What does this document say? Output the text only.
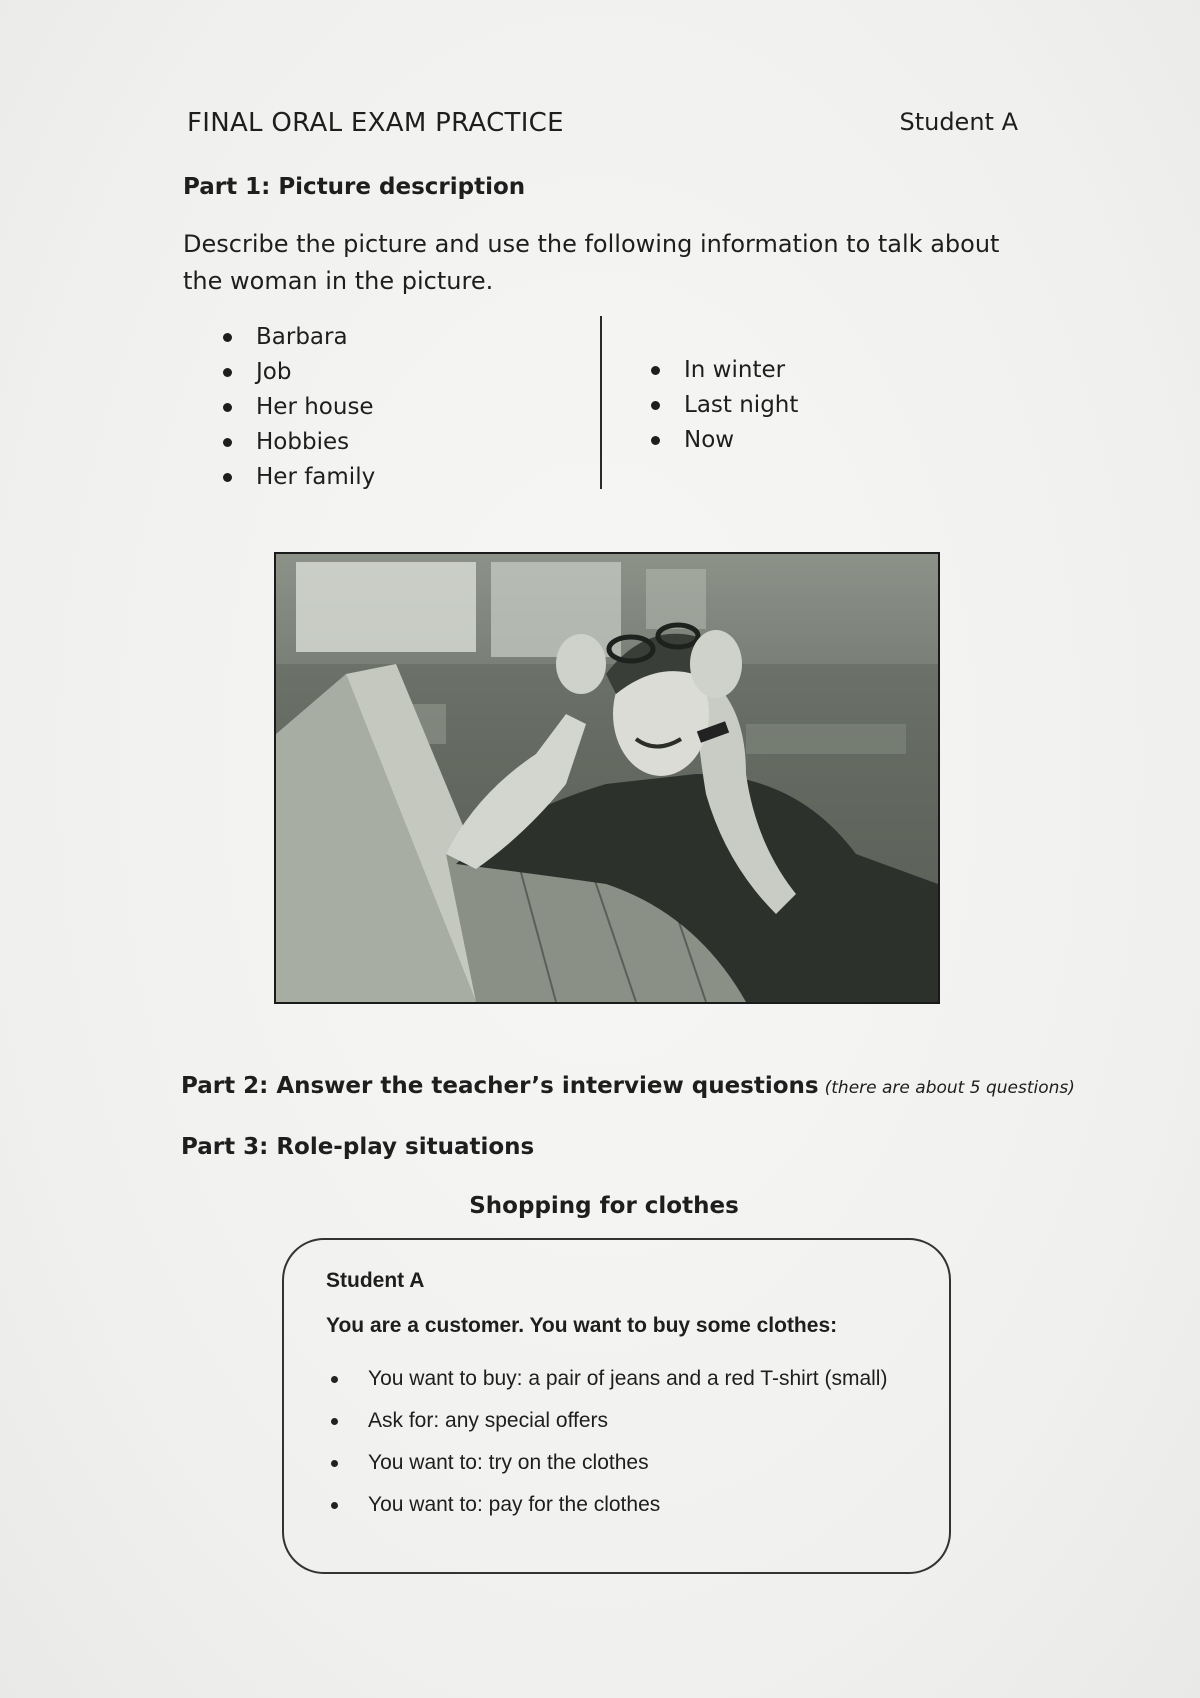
FINAL ORAL EXAM PRACTICE	Student A
Part 1: Picture description
Describe the picture and use the following information to talk about the woman in the picture.
Barbara
Job
Her house
Hobbies
Her family
In winter
Last night
Now
Part 2: Answer the teacher’s interview questions (there are about 5 questions)
Part 3: Role-play situations
Shopping for clothes
Student A
You are a customer. You want to buy some clothes:
You want to buy: a pair of jeans and a red T-shirt (small)
Ask for: any special offers
You want to: try on the clothes
You want to: pay for the clothes
